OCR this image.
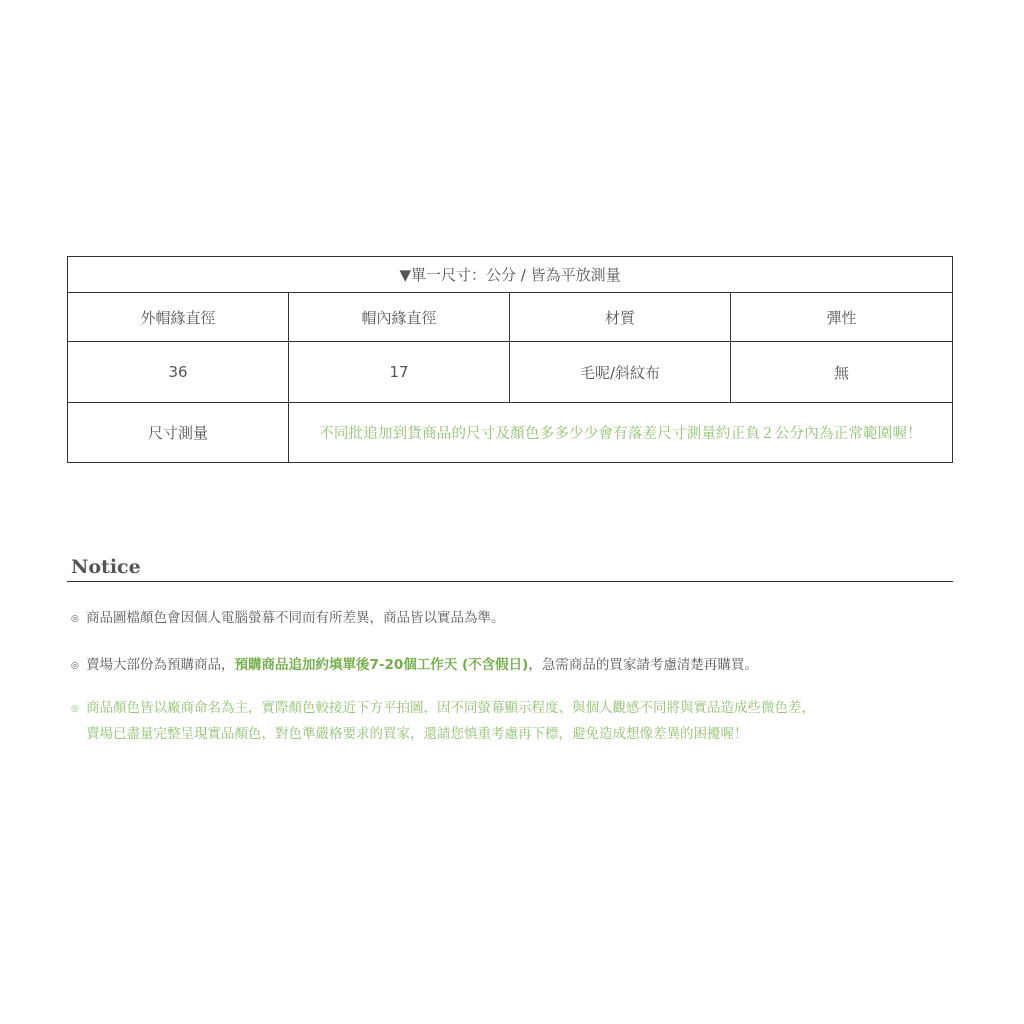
▼單一尺寸：公分 / 皆為平放測量			
外帽緣直徑	帽內緣直徑	材質	彈性
36	17	毛呢/斜紋布	無
尺寸測量	不同批追加到貨商品的尺寸及顏色多多少少會有落差尺寸測量約正負２公分內為正常範圍喔！		
Notice
◎ 商品圖檔顏色會因個人電腦螢幕不同而有所差異，商品皆以實品為準。
◎ 賣場大部份為預購商品，預購商品追加約填單後7-20個工作天 (不含假日)，急需商品的買家請考慮清楚再購買。
◎ 商品顏色皆以廠商命名為主，實際顏色較接近下方平拍圖，因不同螢幕顯示程度、與個人觀感不同將與實品造成些微色差，
賣場已盡量完整呈現實品顏色，對色準嚴格要求的買家，還請您慎重考慮再下標，避免造成想像差異的困擾喔！
